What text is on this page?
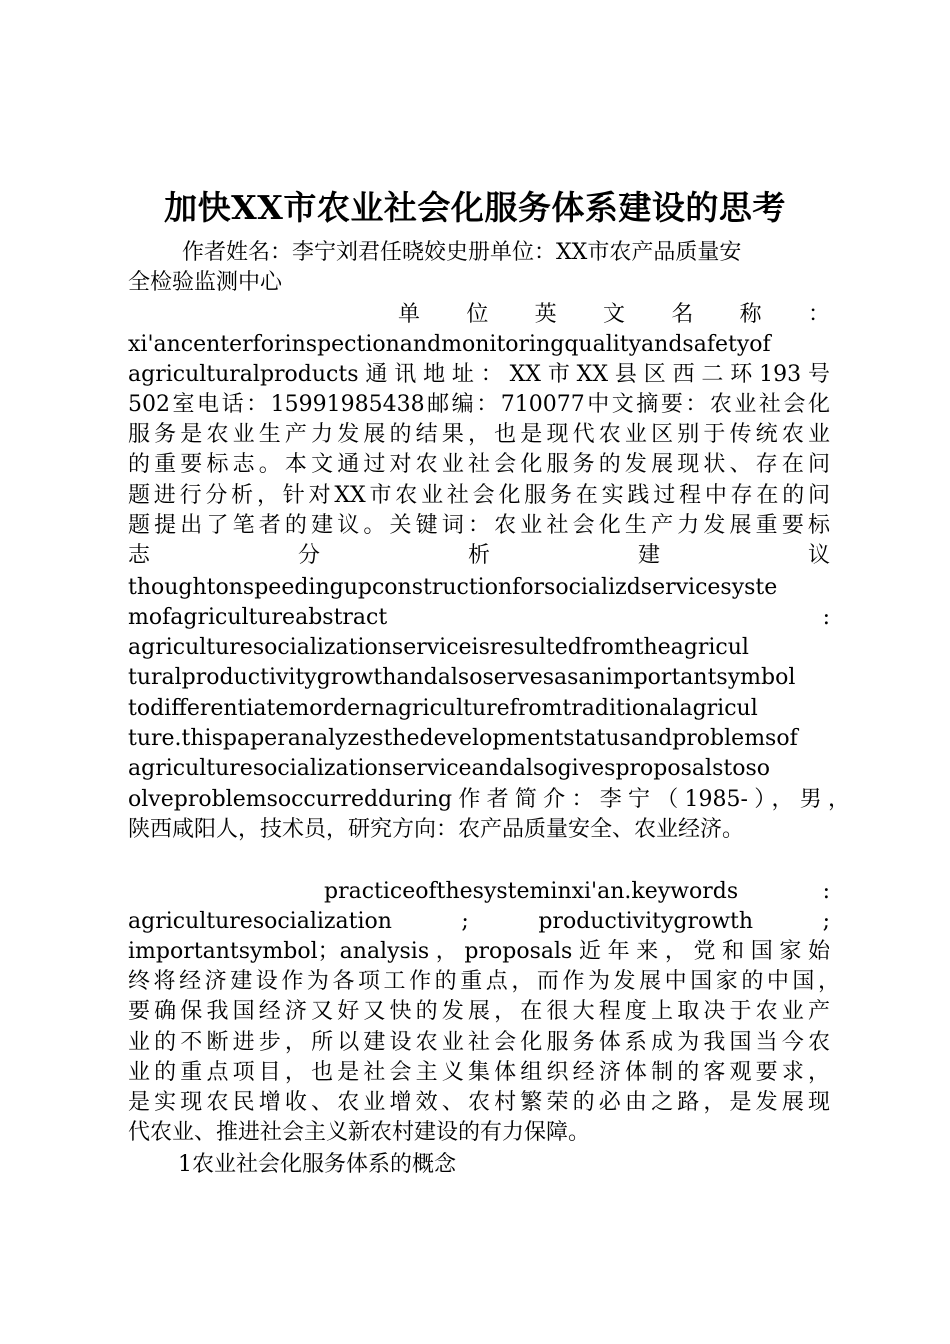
加快XX市农业社会化服务体系建设的思考
作者姓名：李宁刘君任晓姣史册单位：XX市农产品质量安
全检验监测中心
单 位 英 文 名 称 ：
xi'ancenterforinspectionandmonitoringqualityandsafetyof
agriculturalproducts通讯地址：XX市XX县区西二环193号
502室电话：15991985438邮编：710077中文摘要：农业社会化
服务是农业生产力发展的结果，也是现代农业区别于传统农业
的重要标志。本文通过对农业社会化服务的发展现状、存在问
题进行分析，针对XX市农业社会化服务在实践过程中存在的问
题提出了笔者的建议。关键词：农业社会化生产力发展重要标
志 分 析 建 议
thoughtonspeedingupconstructionforsocializdservicesyste
mofagricultureabstract :
agriculturesocializationserviceisresultedfromtheagricul
turalproductivitygrowthandalsoservesasanimportantsymbol
todifferentiatemordernagriculturefromtraditionalagricul
ture.thispaperanalyzesthedevelopmentstatusandproblemsof
agriculturesocializationserviceandalsogivesproposalstoso
olveproblemsoccurredduring作者简介：李宁（1985-），男，
陕西咸阳人，技术员，研究方向：农产品质量安全、农业经济。
practiceofthesysteminxi'an.keywords :
agriculturesocialization ; productivitygrowth ;
importantsymbol；analysis，proposals近年来，党和国家始
终将经济建设作为各项工作的重点，而作为发展中国家的中国，
要确保我国经济又好又快的发展，在很大程度上取决于农业产
业的不断进步，所以建设农业社会化服务体系成为我国当今农
业的重点项目，也是社会主义集体组织经济体制的客观要求，
是实现农民增收、农业增效、农村繁荣的必由之路，是发展现
代农业、推进社会主义新农村建设的有力保障。
1农业社会化服务体系的概念
